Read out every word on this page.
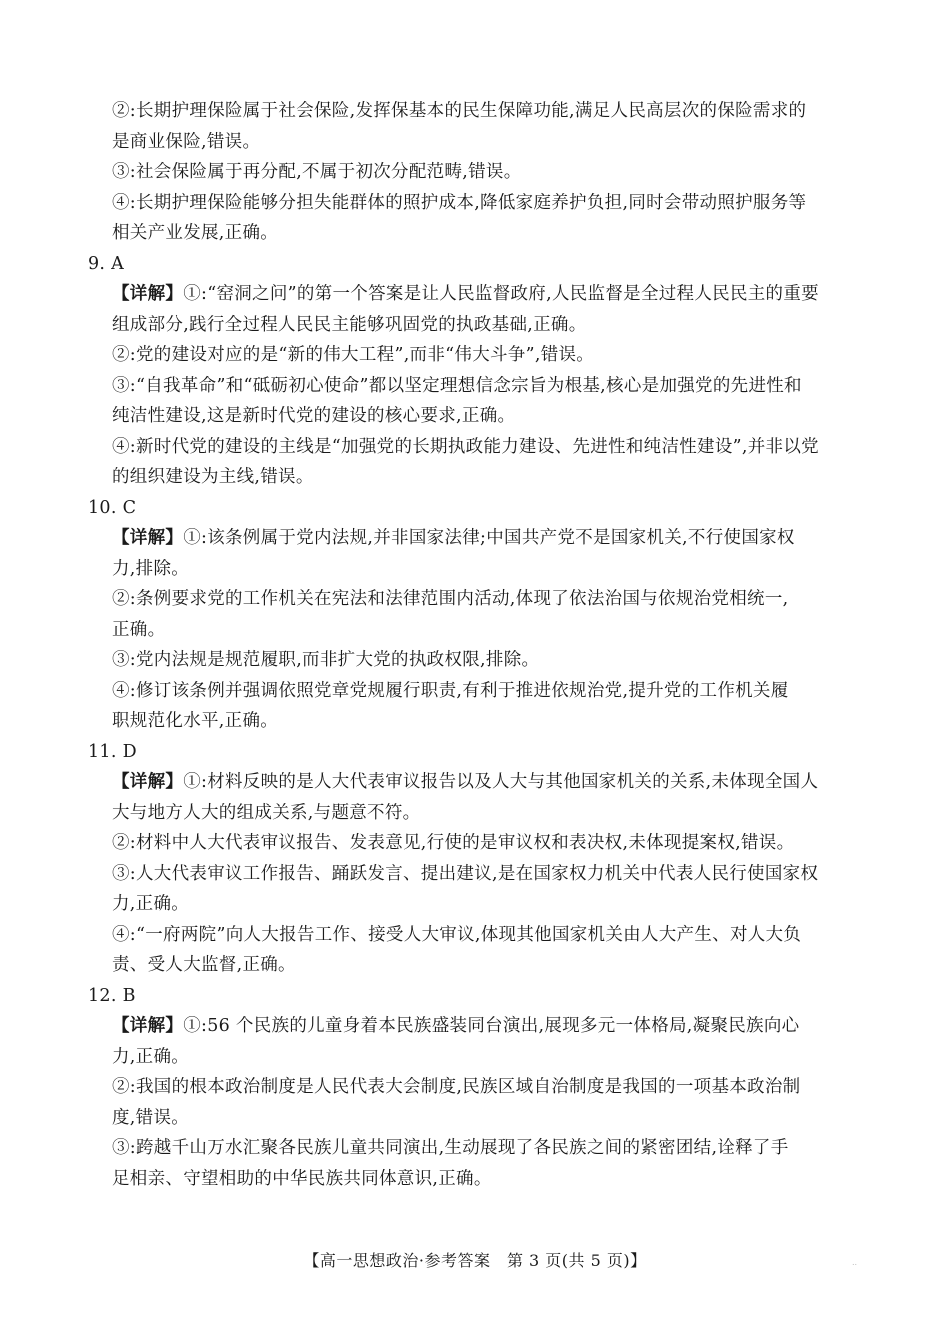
②:长期护理保险属于社会保险,发挥保基本的民生保障功能,满足人民高层次的保险需求的
是商业保险,错误。
③:社会保险属于再分配,不属于初次分配范畴,错误。
④:长期护理保险能够分担失能群体的照护成本,降低家庭养护负担,同时会带动照护服务等
相关产业发展,正确。
9. A
【详解】①:“窑洞之问”的第一个答案是让人民监督政府,人民监督是全过程人民民主的重要
组成部分,践行全过程人民民主能够巩固党的执政基础,正确。
②:党的建设对应的是“新的伟大工程”,而非“伟大斗争”,错误。
③:“自我革命”和“砥砺初心使命”都以坚定理想信念宗旨为根基,核心是加强党的先进性和
纯洁性建设,这是新时代党的建设的核心要求,正确。
④:新时代党的建设的主线是“加强党的长期执政能力建设、先进性和纯洁性建设”,并非以党
的组织建设为主线,错误。
10. C
【详解】①:该条例属于党内法规,并非国家法律;中国共产党不是国家机关,不行使国家权
力,排除。
②:条例要求党的工作机关在宪法和法律范围内活动,体现了依法治国与依规治党相统一,
正确。
③:党内法规是规范履职,而非扩大党的执政权限,排除。
④:修订该条例并强调依照党章党规履行职责,有利于推进依规治党,提升党的工作机关履
职规范化水平,正确。
11. D
【详解】①:材料反映的是人大代表审议报告以及人大与其他国家机关的关系,未体现全国人
大与地方人大的组成关系,与题意不符。
②:材料中人大代表审议报告、发表意见,行使的是审议权和表决权,未体现提案权,错误。
③:人大代表审议工作报告、踊跃发言、提出建议,是在国家权力机关中代表人民行使国家权
力,正确。
④:“一府两院”向人大报告工作、接受人大审议,体现其他国家机关由人大产生、对人大负
责、受人大监督,正确。
12. B
【详解】①:56 个民族的儿童身着本民族盛装同台演出,展现多元一体格局,凝聚民族向心
力,正确。
②:我国的根本政治制度是人民代表大会制度,民族区域自治制度是我国的一项基本政治制
度,错误。
③:跨越千山万水汇聚各民族儿童共同演出,生动展现了各民族之间的紧密团结,诠释了手
足相亲、守望相助的中华民族共同体意识,正确。
【高一思想政治·参考答案　第 3 页(共 5 页)】	..
